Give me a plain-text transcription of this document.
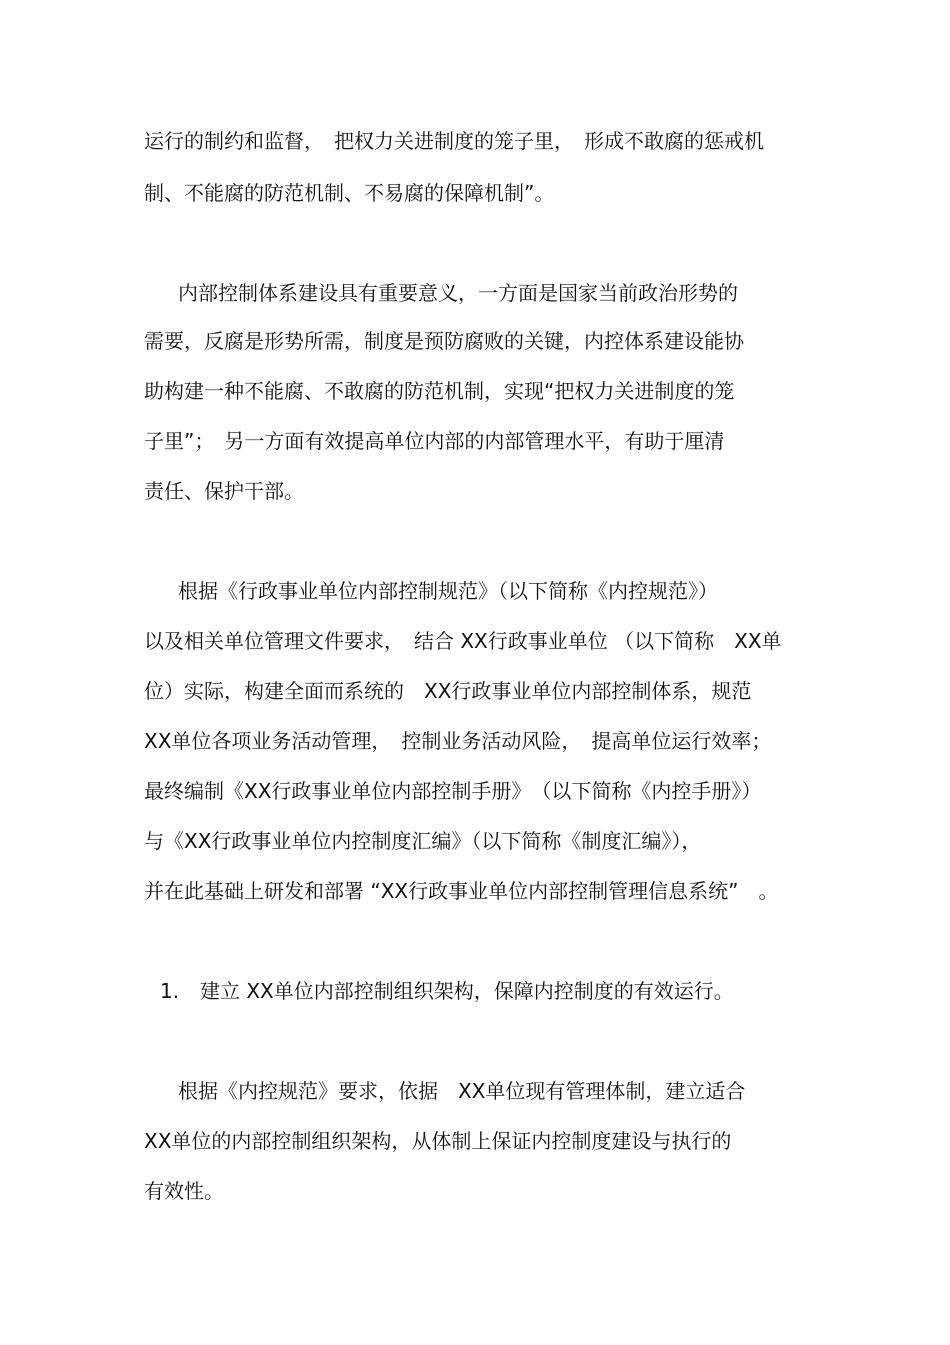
运行的制约和监督，　把权力关进制度的笼子里，　形成不敢腐的惩戒机
制、不能腐的防范机制、不易腐的保障机制”。
内部控制体系建设具有重要意义，一方面是国家当前政治形势的
需要，反腐是形势所需，制度是预防腐败的关键，内控体系建设能协
助构建一种不能腐、不敢腐的防范机制，实现“把权力关进制度的笼
子里”；　另一方面有效提高单位内部的内部管理水平，有助于厘清
责任、保护干部。
根据《行政事业单位内部控制规范》（以下简称《内控规范》）
以及相关单位管理文件要求，　结合 XX行政事业单位 （以下简称　XX单
位）实际，构建全面而系统的　XX行政事业单位内部控制体系，规范
XX单位各项业务活动管理，　控制业务活动风险，　提高单位运行效率；
最终编制《XX行政事业单位内部控制手册》　（以下简称《内控手册》）
与《XX行政事业单位内控制度汇编》（以下简称《制度汇编》），
并在此基础上研发和部署 “XX行政事业单位内部控制管理信息系统”　。
1. 建立 XX单位内部控制组织架构，保障内控制度的有效运行。
根据《内控规范》要求，依据　XX单位现有管理体制，建立适合
XX单位的内部控制组织架构，从体制上保证内控制度建设与执行的
有效性。
